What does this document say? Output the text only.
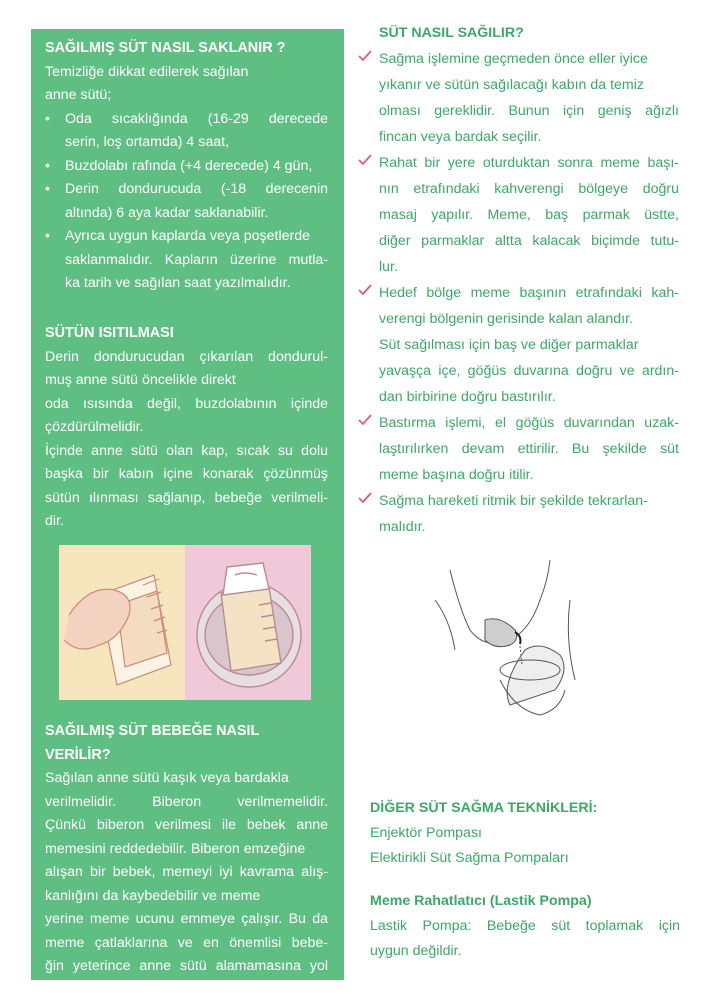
SAĞILMIŞ SÜT NASIL SAKLANIR ?
Temizliğe dikkat edilerek sağılan
anne sütü;
• Oda sıcaklığında (16-29 derecede
serin, loş ortamda) 4 saat,
• Buzdolabı rafında (+4 derecede) 4 gün,
• Derin dondurucuda (-18 derecenin
altında) 6 aya kadar saklanabilir.
• Ayrıca uygun kaplarda veya poşetlerde
saklanmalıdır. Kapların üzerine mutla-
ka tarih ve sağılan saat yazılmalıdır.
SÜTÜN ISITILMASI
Derin dondurucudan çıkarılan dondurul-
muş anne sütü öncelikle direkt
oda ısısında değil, buzdolabının içinde
çözdürülmelidir.
İçinde anne sütü olan kap, sıcak su dolu
başka bir kabın içine konarak çözünmüş
sütün ılınması sağlanıp, bebeğe verilmeli-
dir.
SAĞILMIŞ SÜT BEBEĞE NASIL VERİLİR?
Sağılan anne sütü kaşık veya bardakla
verilmelidir. Biberon verilmemelidir.
Çünkü biberon verilmesi ile bebek anne
memesini reddedebilir. Biberon emzeğine
alışan bir bebek, memeyi iyi kavrama alış-
kanlığını da kaybedebilir ve meme
yerine meme ucunu emmeye çalışır. Bu da
meme çatlaklarına ve en önemlisi bebe-
ğin yeterince anne sütü alamamasına yol
açar.
SÜT NASIL SAĞILIR?
Sağma işlemine geçmeden önce eller iyice
yıkanır ve sütün sağılacağı kabın da temiz
olması gereklidir. Bunun için geniş ağızlı
fincan veya bardak seçilir.
Rahat bir yere oturduktan sonra meme başı-
nın etrafındaki kahverengi bölgeye doğru
masaj yapılır. Meme, baş parmak üstte,
diğer parmaklar altta kalacak biçimde tutu-
lur.
Hedef bölge meme başının etrafındaki kah-
verengi bölgenin gerisinde kalan alandır.
Süt sağılması için baş ve diğer parmaklar
yavaşça içe, göğüs duvarına doğru ve ardın-
dan birbirine doğru bastırılır.
Bastırma işlemi, el göğüs duvarından uzak-
laştırılırken devam ettirilir. Bu şekilde süt
meme başına doğru itilir.
Sağma hareketi ritmik bir şekilde tekrarlan-
malıdır.
DİĞER SÜT SAĞMA TEKNİKLERİ:
Enjektör Pompası
Elektirikli Süt Sağma Pompaları
Meme Rahatlatıcı (Lastik Pompa)
Lastik Pompa: Bebeğe süt toplamak için
uygun değildir.
